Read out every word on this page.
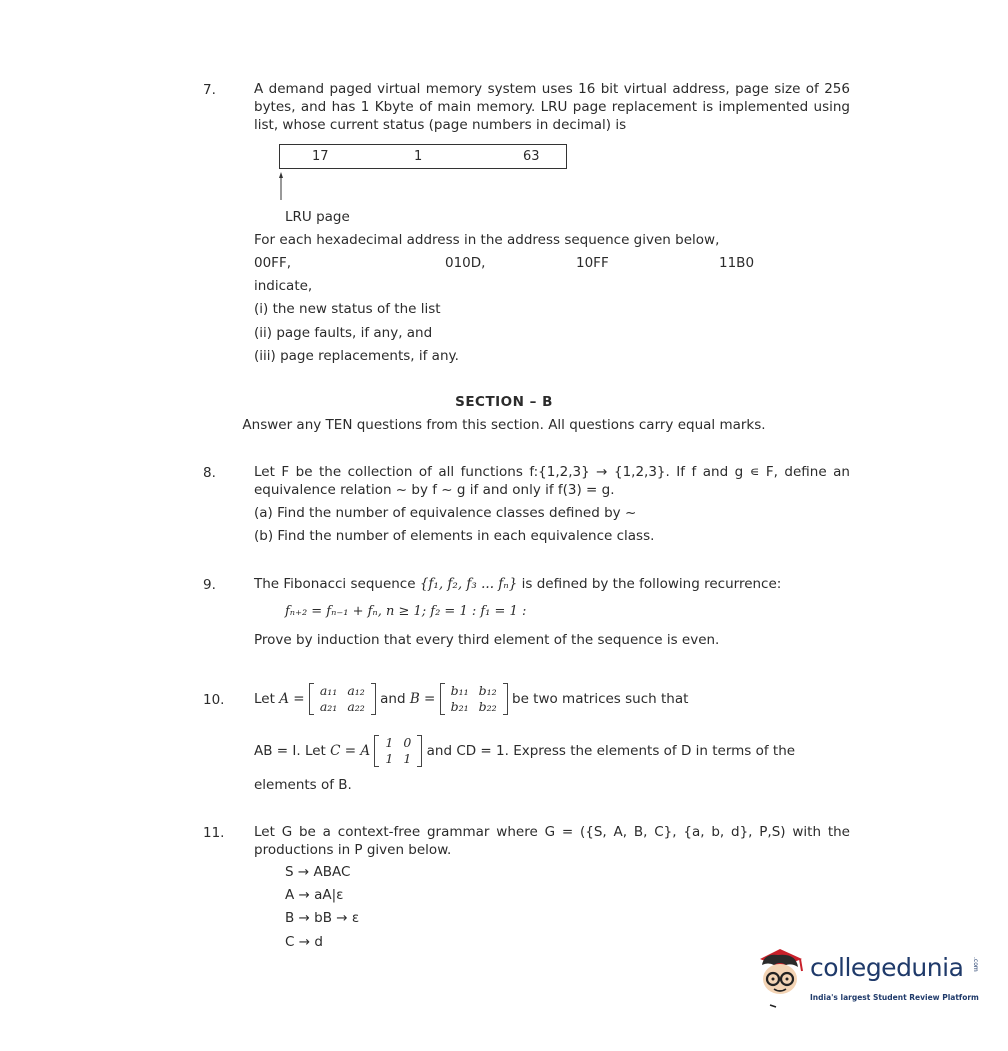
7.	A demand paged virtual memory system uses 16 bit virtual address, page size of 256 bytes, and has 1 Kbyte of main memory. LRU page replacement is implemented using list, whose current status (page numbers in decimal) is
17	1	63
LRU page
For each hexadecimal address in the address sequence given below,
00FF,	010D,	10FF	11B0
indicate,
(i) the new status of the list
(ii) page faults, if any, and
(iii) page replacements, if any.
SECTION – B
Answer any TEN questions from this section. All questions carry equal marks.
8.	Let F be the collection of all functions f:{1,2,3} → {1,2,3}. If f and g ∊ F, define an equivalence relation ~ by f ~ g if and only if f(3) = g.
(a) Find the number of equivalence classes defined by ~
(b) Find the number of elements in each equivalence class.
9.	The Fibonacci sequence {f₁, f₂, f₃ ... fₙ} is defined by the following recurrence:
fₙ₊₂ = fₙ₋₁ + fₙ, n ≥ 1; f₂ = 1 : f₁ = 1 :
Prove by induction that every third element of the sequence is even.
10. Let A =
a₁₁	a₁₂
a₂₁	a₂₂ and B =
b₁₁	b₁₂
b₂₁	b₂₂ be two matrices such that
AB = I. Let C = A
1	0
1	1 and CD = 1. Express the elements of D in terms of the
elements of B.
11. Let G be a context-free grammar where G = ({S, A, B, C}, {a, b, d}, P,S) with the productions in P given below.
S → ABAC
A → aA|ε
B → bB → ε
C → d
collegedunia .com
India's largest Student Review Platform
